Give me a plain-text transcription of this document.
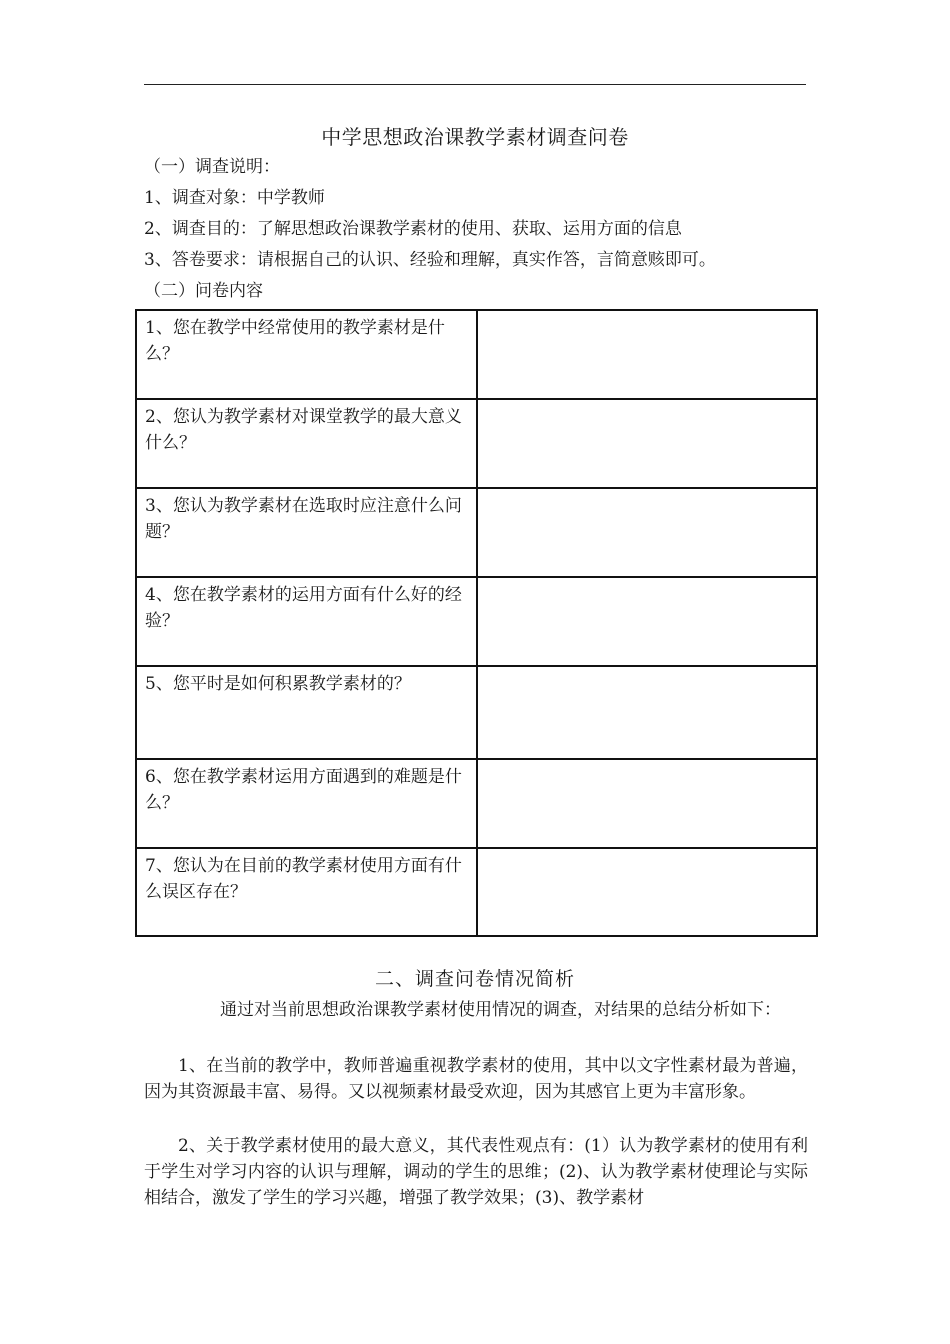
中学思想政治课教学素材调查问卷
（一）调查说明：
1、调查对象：中学教师
2、调查目的：了解思想政治课教学素材的使用、获取、运用方面的信息
3、答卷要求：请根据自己的认识、经验和理解，真实作答，言简意赅即可。
（二）问卷内容
1、您在教学中经常使用的教学素材是什么？	
2、您认为教学素材对课堂教学的最大意义什么？	
3、您认为教学素材在选取时应注意什么问题？	
4、您在教学素材的运用方面有什么好的经验？	
5、您平时是如何积累教学素材的？	
6、您在教学素材运用方面遇到的难题是什么？	
7、您认为在目前的教学素材使用方面有什么误区存在？	
二、调查问卷情况简析
通过对当前思想政治课教学素材使用情况的调查，对结果的总结分析如下：
1、在当前的教学中，教师普遍重视教学素材的使用，其中以文字性素材最为普遍，因为其资源最丰富、易得。又以视频素材最受欢迎，因为其感官上更为丰富形象。
2、关于教学素材使用的最大意义，其代表性观点有：(1）认为教学素材的使用有利于学生对学习内容的认识与理解，调动的学生的思维；(2)、认为教学素材使理论与实际相结合，激发了学生的学习兴趣，增强了教学效果；(3)、教学素材
